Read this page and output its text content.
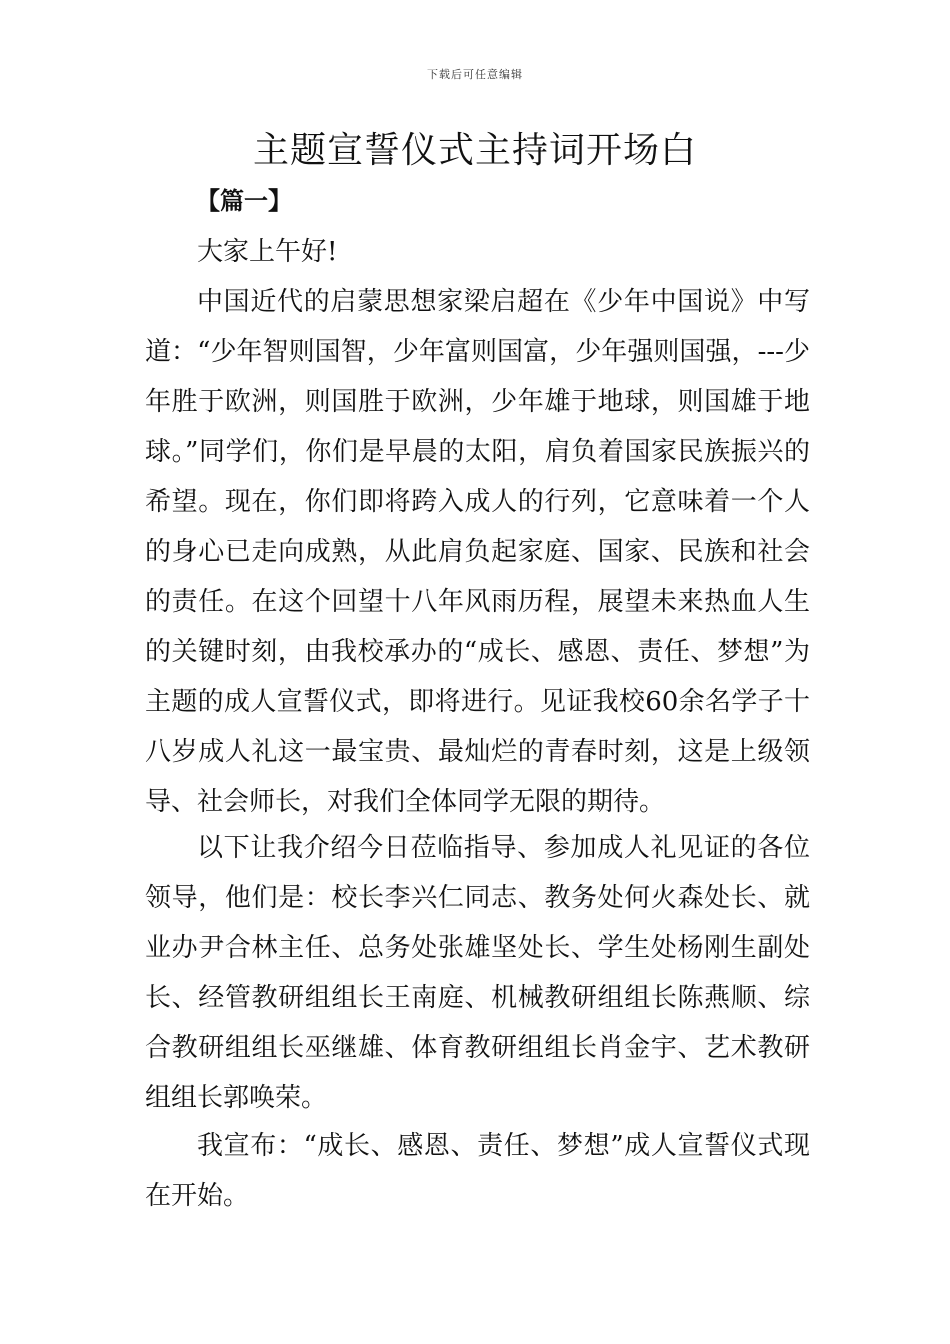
下载后可任意编辑
主题宣誓仪式主持词开场白
【篇一】

大家上午好!

中国近代的启蒙思想家梁启超在《少年中国说》中写道：“少年智则国智，少年富则国富，少年强则国强，---少年胜于欧洲，则国胜于欧洲，少年雄于地球，则国雄于地球。”同学们，你们是早晨的太阳，肩负着国家民族振兴的希望。现在，你们即将跨入成人的行列，它意味着一个人的身心已走向成熟，从此肩负起家庭、国家、民族和社会的责任。在这个回望十八年风雨历程，展望未来热血人生的关键时刻，由我校承办的“成长、感恩、责任、梦想”为主题的成人宣誓仪式，即将进行。见证我校60余名学子十八岁成人礼这一最宝贵、最灿烂的青春时刻，这是上级领导、社会师长，对我们全体同学无限的期待。

以下让我介绍今日莅临指导、参加成人礼见证的各位领导，他们是：校长李兴仁同志、教务处何火森处长、就业办尹合林主任、总务处张雄坚处长、学生处杨刚生副处长、经管教研组组长王南庭、机械教研组组长陈燕顺、综合教研组组长巫继雄、体育教研组组长肖金宇、艺术教研组组长郭唤荣。

我宣布：“成长、感恩、责任、梦想”成人宣誓仪式现在开始。
